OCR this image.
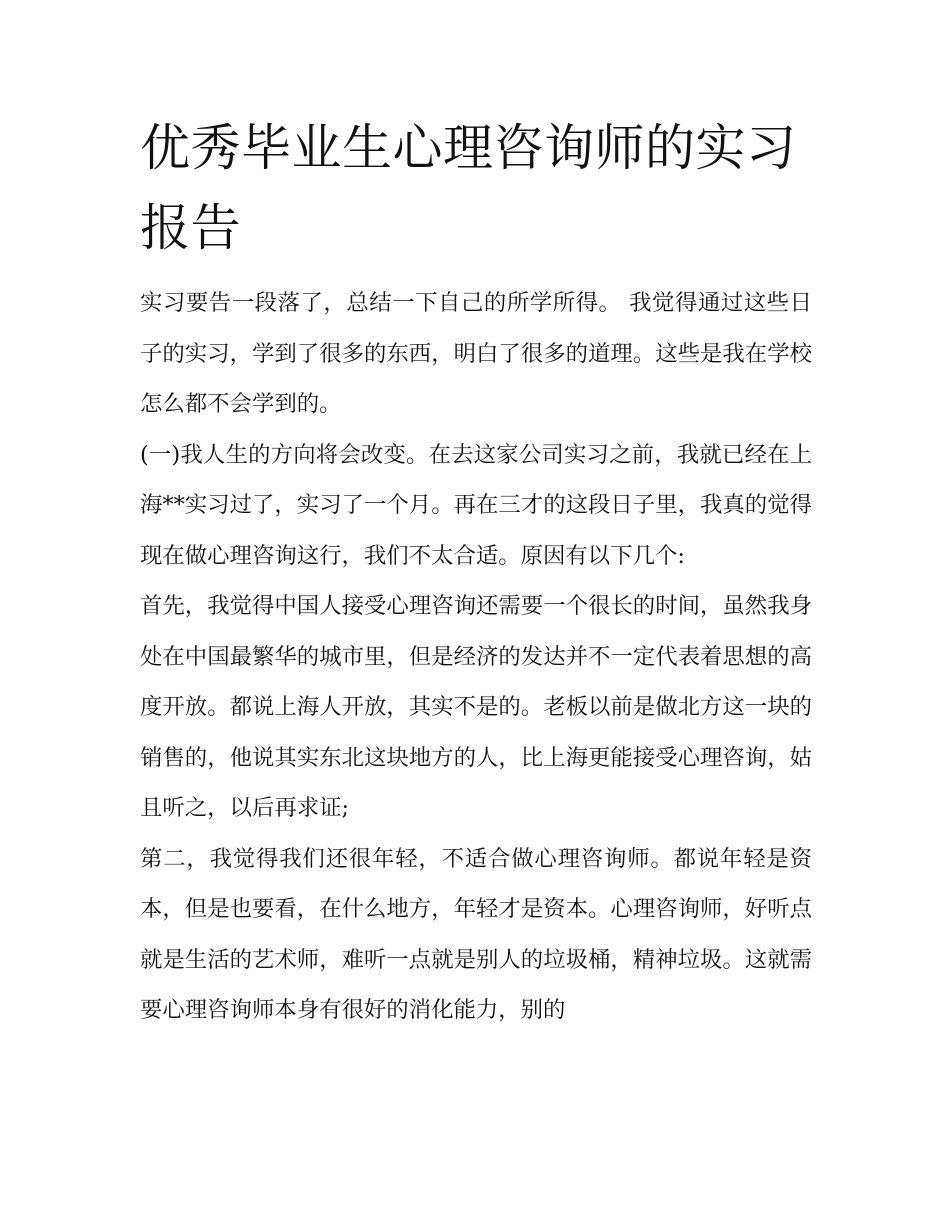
优秀毕业生心理咨询师的实习报告

实习要告一段落了，总结一下自己的所学所得。 我觉得通过这些日子的实习，学到了很多的东西，明白了很多的道理。这些是我在学校怎么都不会学到的。

(一)我人生的方向将会改变。在去这家公司实习之前，我就已经在上海**实习过了，实习了一个月。再在三才的这段日子里，我真的觉得现在做心理咨询这行，我们不太合适。原因有以下几个:

首先，我觉得中国人接受心理咨询还需要一个很长的时间，虽然我身处在中国最繁华的城市里，但是经济的发达并不一定代表着思想的高度开放。都说上海人开放，其实不是的。老板以前是做北方这一块的销售的，他说其实东北这块地方的人，比上海更能接受心理咨询，姑且听之，以后再求证;

第二，我觉得我们还很年轻，不适合做心理咨询师。都说年轻是资本，但是也要看，在什么地方，年轻才是资本。心理咨询师，好听点就是生活的艺术师，难听一点就是别人的垃圾桶，精神垃圾。这就需要心理咨询师本身有很好的消化能力，别的
